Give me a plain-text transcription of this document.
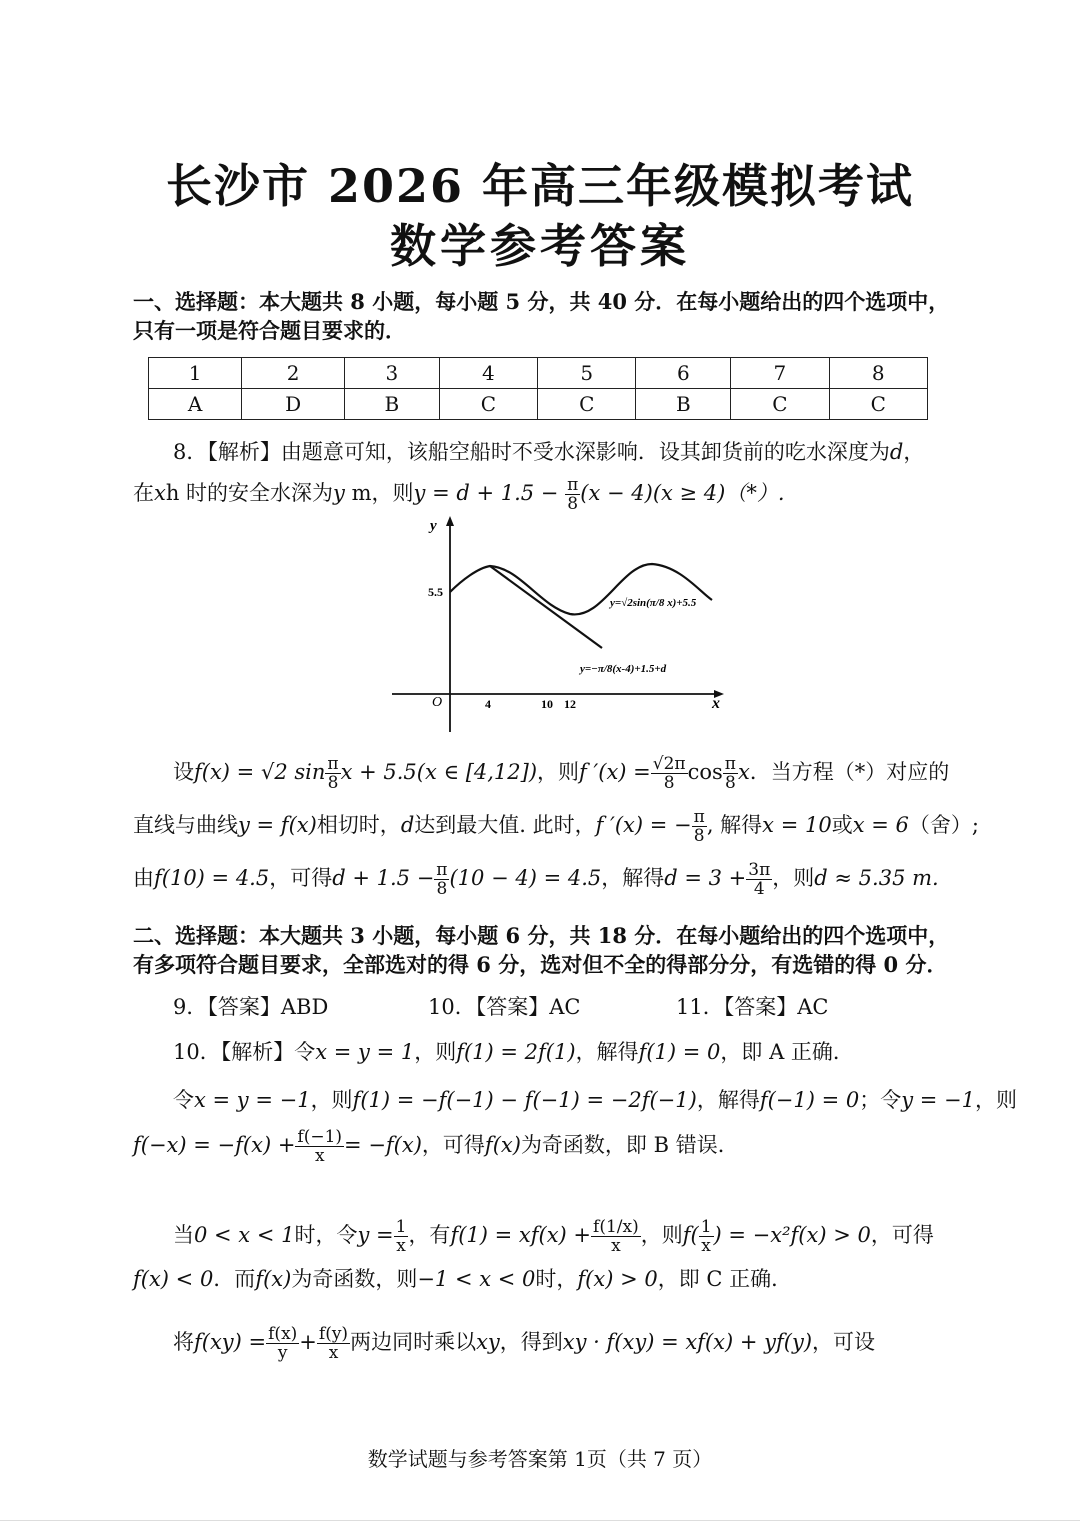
长沙市 2026 年高三年级模拟考试
数学参考答案
一、选择题：本大题共 8 小题，每小题 5 分，共 40 分．在每小题给出的四个选项中，
只有一项是符合题目要求的．
1	2	3	4	5	6	7	8
A	D	B	C	C	B	C	C
8．【解析】由题意可知，该船空船时不受水深影响．设其卸货前的吃水深度为d，
在xh 时的安全水深为y m，则$y = d + 1.5 - \frac{\pi}{8} (x - 4)(x \ge 4)(*)$.
y
x
O
5.5
4	10 12
y=√2sin(π/8 x)+5.5
y=−π/8(x-4)+1.5+d
设f(x) = √2 $\sin \frac{\pi}{8}$ x + 5.5(x ∈ [4,12])，则f $'(x) = \frac{√2\pi}{8}$ $\cos \frac{\pi}{8}$ x．当方程（*）对应的
直线与曲线y = f(x)相切时，d达到最大值. 此时，f ′(x) = − $\frac{\pi}{8}$ , 解得x = 10或x = 6（舍）;
由f(10) = 4.5，可得$d + 1.5 - \frac{\pi}{8} (10 - 4) = 4.5$，解得$d = 3 + \frac{3\pi}{4}$ ，则d ≈ 5.35 m.
二、选择题：本大题共 3 小题，每小题 6 分，共 18 分．在每小题给出的四个选项中，
有多项符合题目要求，全部选对的得 6 分，选对但不全的得部分分，有选错的得 0 分．
9．【答案】ABD	10．【答案】AC	11．【答案】AC
10．【解析】令x = y = 1，则f(1) = 2f(1)，解得f(1) = 0，即 A 正确．
令x = y = −1，则f(1) = −f(−1) − f(−1) = −2f(−1)，解得f(−1) = 0；令y = −1，则
$f(-x) = -f(x) + \frac{f(-1)}{x} = -f(x)$，可得f(x)为奇函数，即 B 错误．
当0 < x < 1时，令$y = \frac{1}{x}$ ，有$f(1) = xf(x) + \frac{f(1/x)}{x}$ ，则$f( \frac{1}{x}$ ) = −x²f(x) > 0，可得
f(x) < 0．而f(x)为奇函数，则−1 < x < 0时，f(x) > 0，即 C 正确．
将$f(xy) = \frac{f(x)}{y} + \frac{f(y)}{x}$ 两边同时乘以xy，得到xy · f(xy) = xf(x) + yf(y)，可设
数学试题与参考答案第 1页（共 7 页）
